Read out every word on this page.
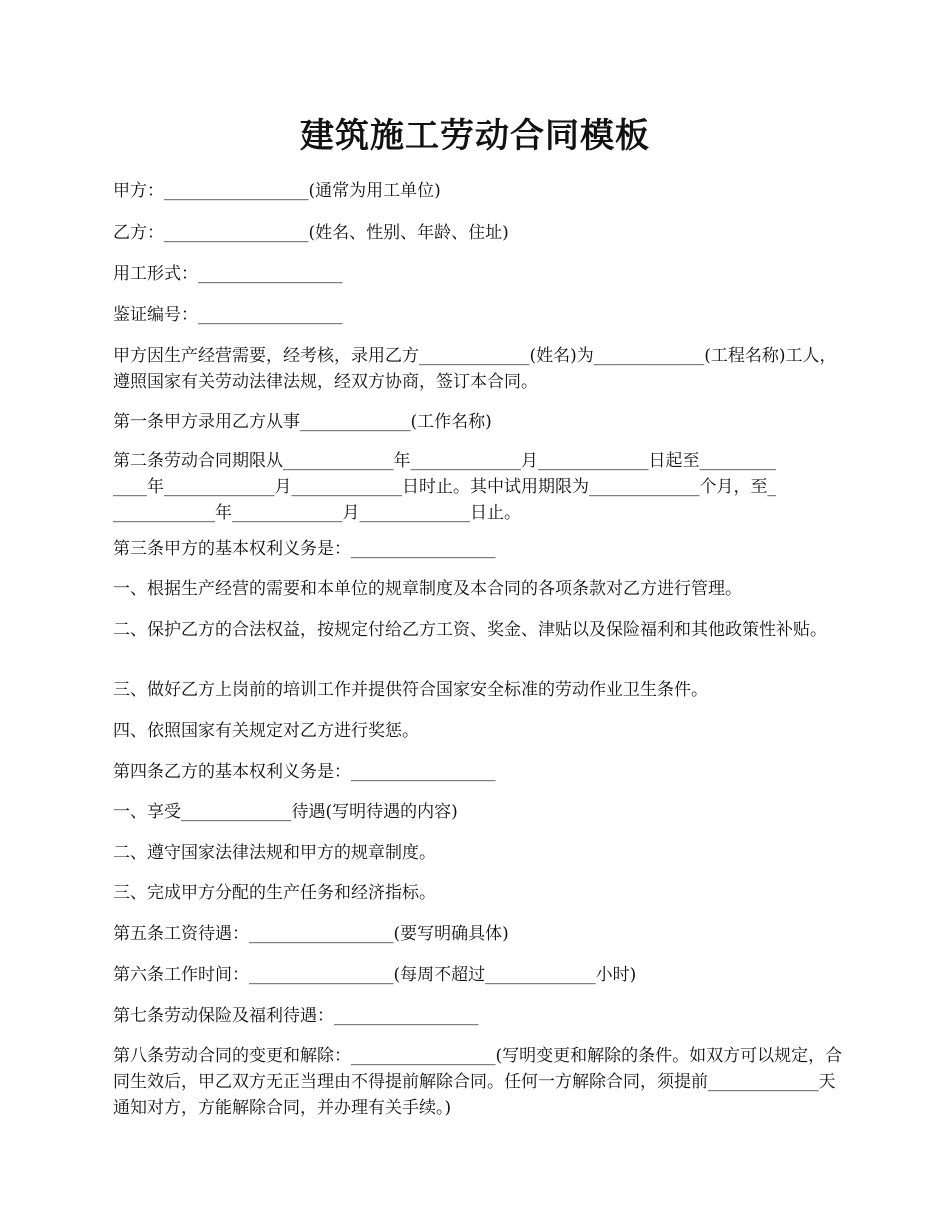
建筑施工劳动合同模板

甲方：_________________(通常为用工单位)

乙方：_________________(姓名、性别、年龄、住址)

用工形式：_________________

鉴证编号：_________________

甲方因生产经营需要，经考核，录用乙方_____________(姓名)为_____________(工程名称)工人，遵照国家有关劳动法律法规，经双方协商，签订本合同。

第一条甲方录用乙方从事_____________(工作名称)

第二条劳动合同期限从_____________年_____________月_____________日起至_________
____年_____________月_____________日时止。其中试用期限为_____________个月，至_
____________年_____________月_____________日止。

第三条甲方的基本权利义务是：_________________

一、根据生产经营的需要和本单位的规章制度及本合同的各项条款对乙方进行管理。

二、保护乙方的合法权益，按规定付给乙方工资、奖金、津贴以及保险福利和其他政策性补贴。

三、做好乙方上岗前的培训工作并提供符合国家安全标准的劳动作业卫生条件。

四、依照国家有关规定对乙方进行奖惩。

第四条乙方的基本权利义务是：_________________

一、享受_____________待遇(写明待遇的内容)

二、遵守国家法律法规和甲方的规章制度。

三、完成甲方分配的生产任务和经济指标。

第五条工资待遇：_________________(要写明确具体)

第六条工作时间：_________________(每周不超过_____________小时)

第七条劳动保险及福利待遇：_________________

第八条劳动合同的变更和解除：_________________(写明变更和解除的条件。如双方可以规定，合同生效后，甲乙双方无正当理由不得提前解除合同。任何一方解除合同，须提前_____________天通知对方，方能解除合同，并办理有关手续。)
